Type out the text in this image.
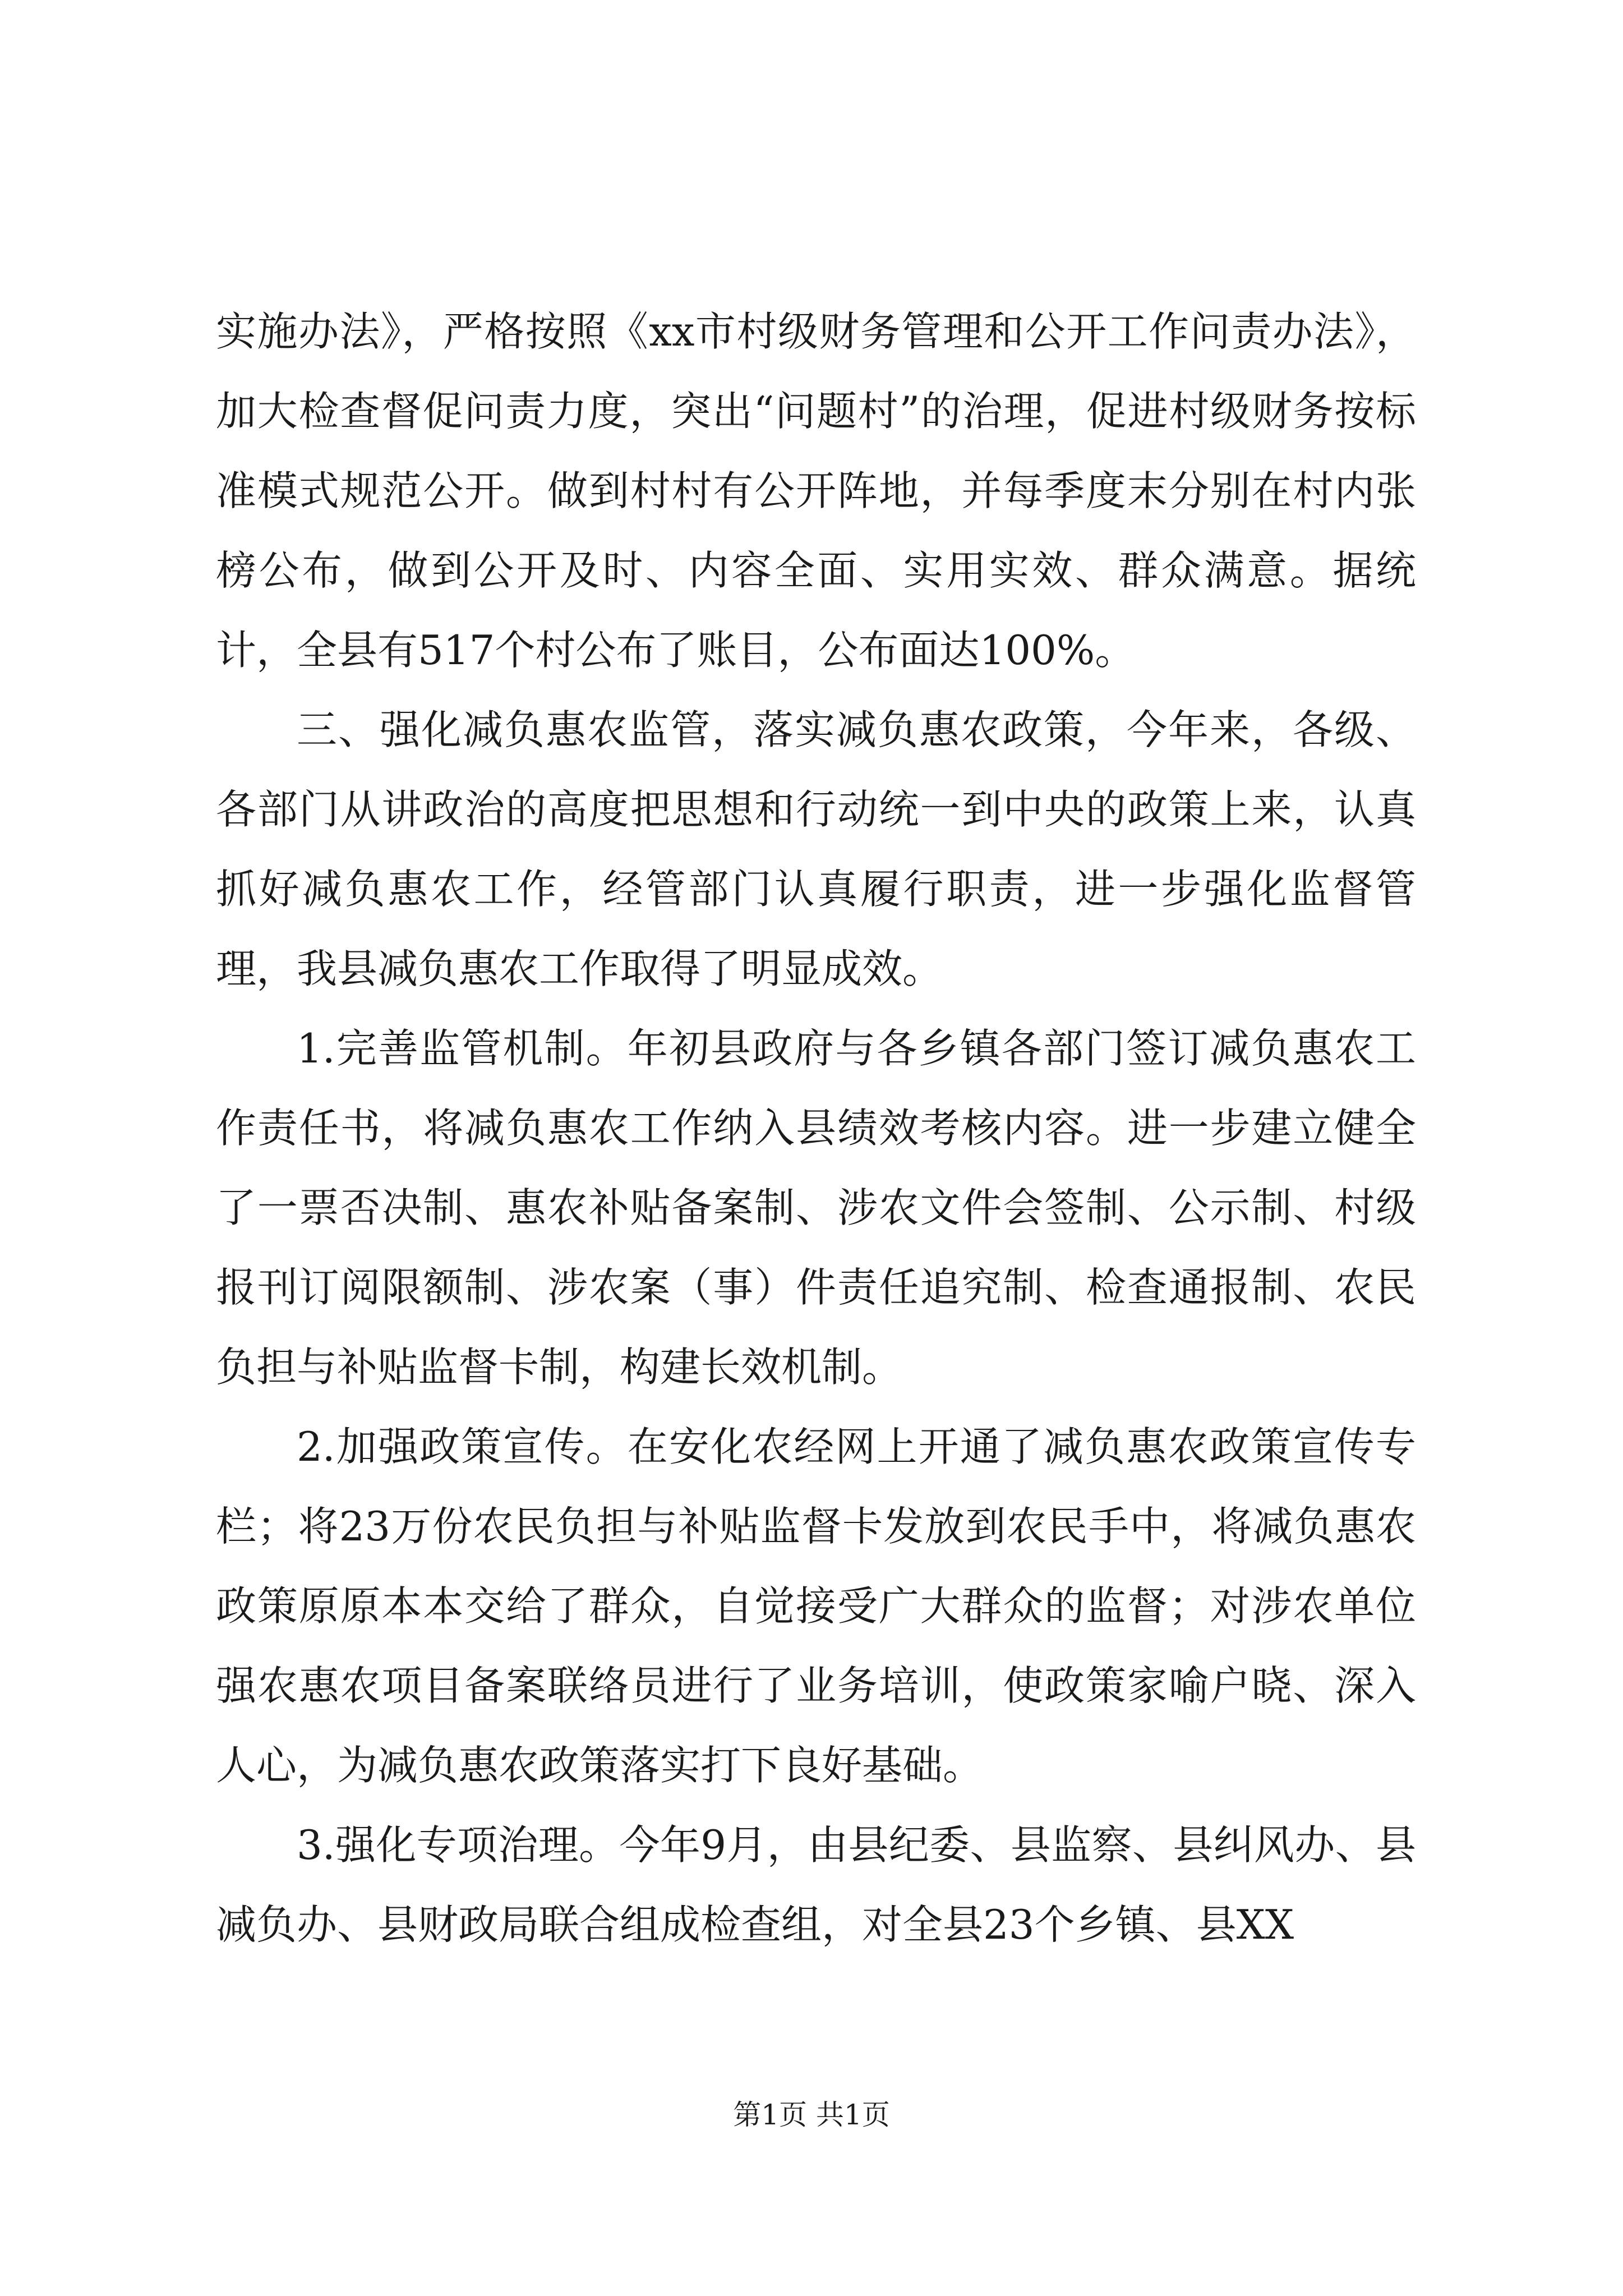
实施办法》，严格按照《xx市村级财务管理和公开工作问责办法》，加大检查督促问责力度，突出“问题村”的治理，促进村级财务按标准模式规范公开。做到村村有公开阵地，并每季度末分别在村内张榜公布，做到公开及时、内容全面、实用实效、群众满意。据统计，全县有517个村公布了账目，公布面达100%。

三、强化减负惠农监管，落实减负惠农政策，今年来，各级、各部门从讲政治的高度把思想和行动统一到中央的政策上来，认真抓好减负惠农工作，经管部门认真履行职责，进一步强化监督管理，我县减负惠农工作取得了明显成效。

1.完善监管机制。年初县政府与各乡镇各部门签订减负惠农工作责任书，将减负惠农工作纳入县绩效考核内容。进一步建立健全了一票否决制、惠农补贴备案制、涉农文件会签制、公示制、村级报刊订阅限额制、涉农案（事）件责任追究制、检查通报制、农民负担与补贴监督卡制，构建长效机制。

2.加强政策宣传。在安化农经网上开通了减负惠农政策宣传专栏；将23万份农民负担与补贴监督卡发放到农民手中，将减负惠农政策原原本本交给了群众，自觉接受广大群众的监督；对涉农单位强农惠农项目备案联络员进行了业务培训，使政策家喻户晓、深入人心，为减负惠农政策落实打下良好基础。

3.强化专项治理。今年9月，由县纪委、县监察、县纠风办、县减负办、县财政局联合组成检查组，对全县23个乡镇、县XX

第1页 共1页
